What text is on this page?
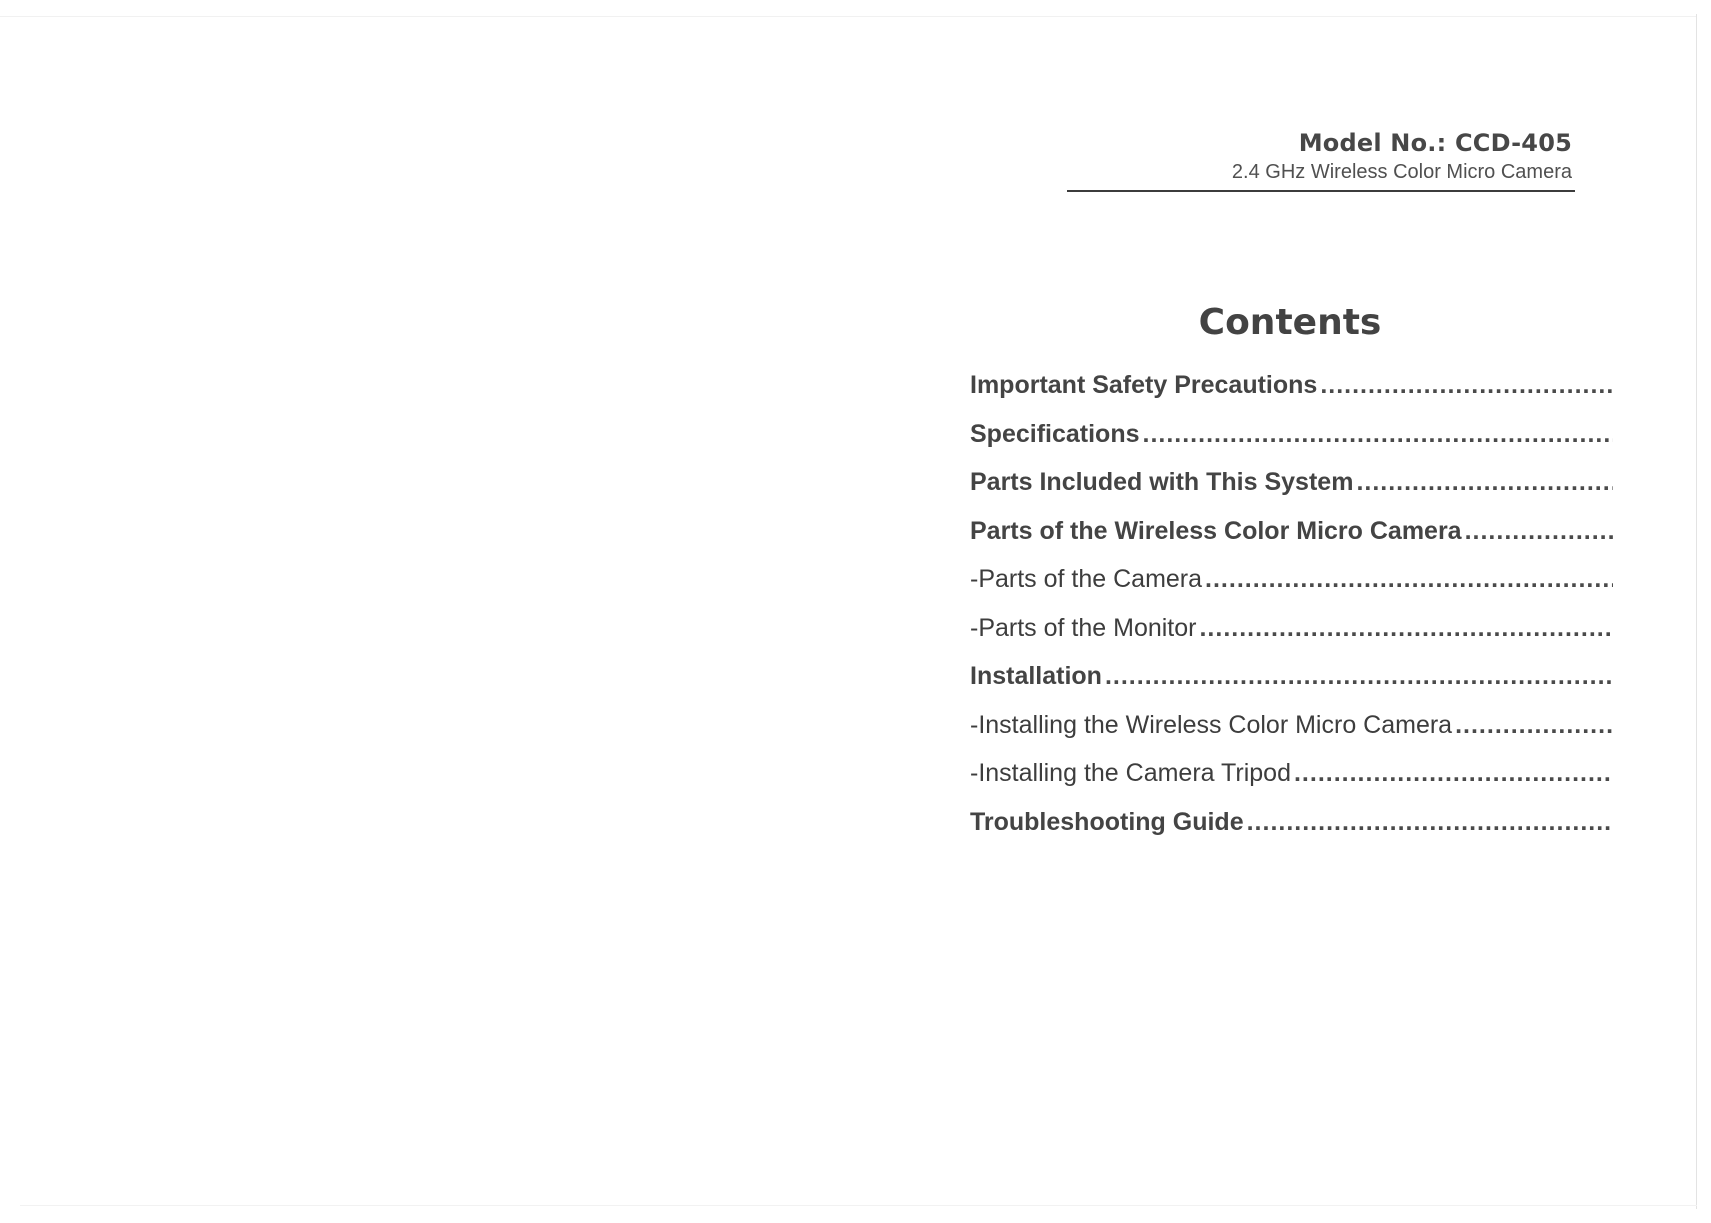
Model No.: CCD-405
2.4 GHz Wireless Color Micro Camera
Contents
Important Safety Precautions
.....
Specifications
.....
Parts Included with This System
.....
Parts of the Wireless Color Micro Camera
.....
-Parts of the Camera
.....
-Parts of the Monitor
.....
Installation
.....
-Installing the Wireless Color Micro Camera
.....
-Installing the Camera Tripod
.....
Troubleshooting Guide
.....
